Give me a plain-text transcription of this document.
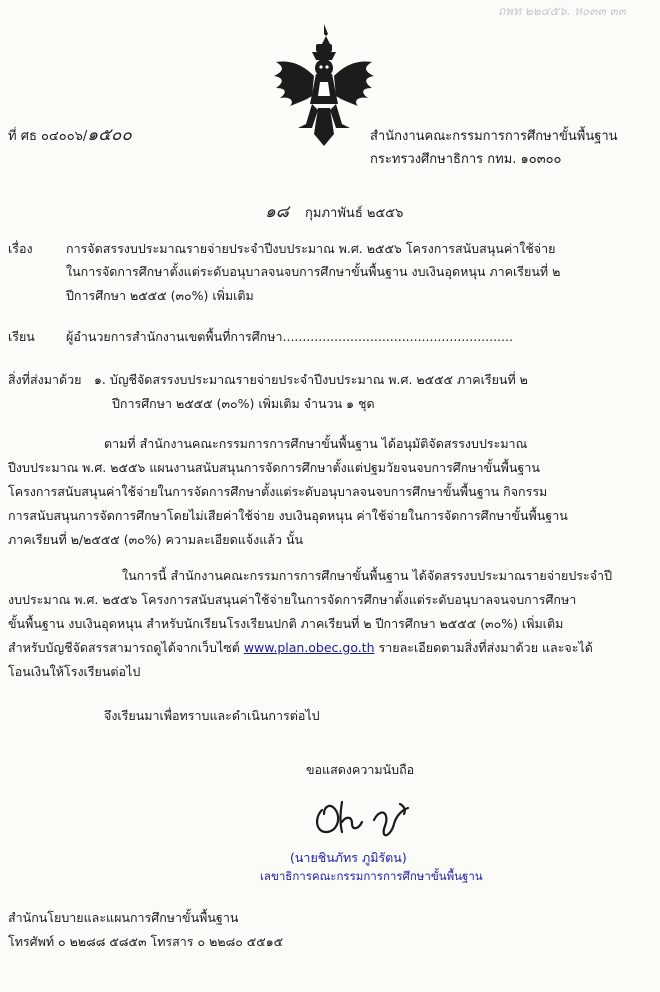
ถพท ๒๒๔๕๖. ห๐๓๓ ๓๓
ที่ ศธ ๐๔๐๐๖/๑๕๐๐	สำนักงานคณะกรรมการการศึกษาขั้นพื้นฐาน
กระทรวงศึกษาธิการ กทม. ๑๐๓๐๐
๑๘ กุมภาพันธ์ ๒๕๕๖
เรื่อง	การจัดสรรงบประมาณรายจ่ายประจำปีงบประมาณ พ.ศ. ๒๕๕๖ โครงการสนับสนุนค่าใช้จ่าย
ในการจัดการศึกษาตั้งแต่ระดับอนุบาลจนจบการศึกษาขั้นพื้นฐาน งบเงินอุดหนุน ภาคเรียนที่ ๒
ปีการศึกษา ๒๕๕๕ (๓๐%) เพิ่มเติม
เรียน ผู้อำนวยการสำนักงานเขตพื้นที่การศึกษา..........................................................
สิ่งที่ส่งมาด้วย ๑. บัญชีจัดสรรงบประมาณรายจ่ายประจำปีงบประมาณ พ.ศ. ๒๕๕๕ ภาคเรียนที่ ๒
ปีการศึกษา ๒๕๕๕ (๓๐%) เพิ่มเติม จำนวน ๑ ชุด
ตามที่ สำนักงานคณะกรรมการการศึกษาขั้นพื้นฐาน ได้อนุมัติจัดสรรงบประมาณ
ปีงบประมาณ พ.ศ. ๒๕๕๖ แผนงานสนับสนุนการจัดการศึกษาตั้งแต่ปฐมวัยจนจบการศึกษาขั้นพื้นฐาน
โครงการสนับสนุนค่าใช้จ่ายในการจัดการศึกษาตั้งแต่ระดับอนุบาลจนจบการศึกษาขั้นพื้นฐาน กิจกรรม
การสนับสนุนการจัดการศึกษาโดยไม่เสียค่าใช้จ่าย งบเงินอุดหนุน ค่าใช้จ่ายในการจัดการศึกษาขั้นพื้นฐาน
ภาคเรียนที่ ๒/๒๕๕๕ (๓๐%) ความละเอียดแจ้งแล้ว นั้น
ในการนี้ สำนักงานคณะกรรมการการศึกษาขั้นพื้นฐาน ได้จัดสรรงบประมาณรายจ่ายประจำปี
งบประมาณ พ.ศ. ๒๕๕๖ โครงการสนับสนุนค่าใช้จ่ายในการจัดการศึกษาตั้งแต่ระดับอนุบาลจนจบการศึกษา
ขั้นพื้นฐาน งบเงินอุดหนุน สำหรับนักเรียนโรงเรียนปกติ ภาคเรียนที่ ๒ ปีการศึกษา ๒๕๕๕ (๓๐%) เพิ่มเติม
สำหรับบัญชีจัดสรรสามารถดูได้จากเว็บไซต์ www.plan.obec.go.th รายละเอียดตามสิ่งที่ส่งมาด้วย และจะได้
โอนเงินให้โรงเรียนต่อไป
จึงเรียนมาเพื่อทราบและดำเนินการต่อไป
ขอแสดงความนับถือ
(นายชินภัทร ภูมิรัตน)
เลขาธิการคณะกรรมการการศึกษาขั้นพื้นฐาน
สำนักนโยบายและแผนการศึกษาขั้นพื้นฐาน
โทรศัพท์ ๐ ๒๒๘๘ ๕๘๕๓ โทรสาร ๐ ๒๒๘๐ ๕๕๑๕
